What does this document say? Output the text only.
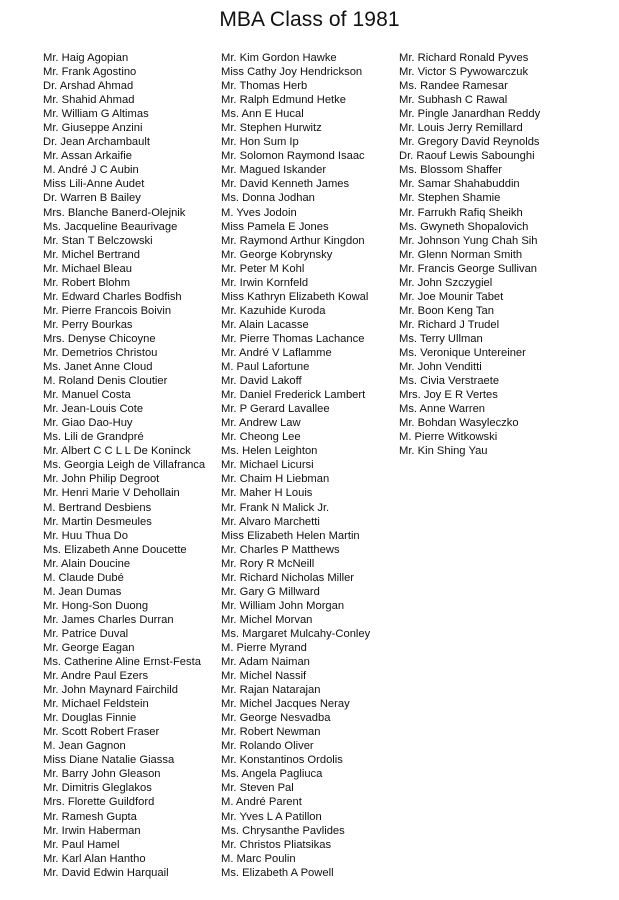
MBA Class of 1981
Mr. Haig Agopian
Mr. Frank Agostino
Dr. Arshad Ahmad
Mr. Shahid Ahmad
Mr. William G Altimas
Mr. Giuseppe Anzini
Dr. Jean Archambault
Mr. Assan Arkaifie
M. André J C Aubin
Miss Lili-Anne Audet
Dr. Warren B Bailey
Mrs. Blanche Banerd-Olejnik
Ms. Jacqueline Beaurivage
Mr. Stan T Belczowski
Mr. Michel Bertrand
Mr. Michael Bleau
Mr. Robert Blohm
Mr. Edward Charles Bodfish
Mr. Pierre Francois Boivin
Mr. Perry Bourkas
Mrs. Denyse Chicoyne
Mr. Demetrios Christou
Ms. Janet Anne Cloud
M. Roland Denis Cloutier
Mr. Manuel Costa
Mr. Jean-Louis Cote
Mr. Giao Dao-Huy
Ms. Lili de Grandpré
Mr. Albert C C L L De Koninck
Ms. Georgia Leigh de Villafranca
Mr. John Philip Degroot
Mr. Henri Marie V Dehollain
M. Bertrand Desbiens
Mr. Martin Desmeules
Mr. Huu Thua Do
Ms. Elizabeth Anne Doucette
Mr. Alain Doucine
M. Claude Dubé
M. Jean Dumas
Mr. Hong-Son Duong
Mr. James Charles Durran
Mr. Patrice Duval
Mr. George Eagan
Ms. Catherine Aline Ernst-Festa
Mr. Andre Paul Ezers
Mr. John Maynard Fairchild
Mr. Michael Feldstein
Mr. Douglas Finnie
Mr. Scott Robert Fraser
M. Jean Gagnon
Miss Diane Natalie Giassa
Mr. Barry John Gleason
Mr. Dimitris Gleglakos
Mrs. Florette Guildford
Mr. Ramesh Gupta
Mr. Irwin Haberman
Mr. Paul Hamel
Mr. Karl Alan Hantho
Mr. David Edwin Harquail
Mr. Kim Gordon Hawke
Miss Cathy Joy Hendrickson
Mr. Thomas Herb
Mr. Ralph Edmund Hetke
Ms. Ann E Hucal
Mr. Stephen Hurwitz
Mr. Hon Sum Ip
Mr. Solomon Raymond Isaac
Mr. Magued Iskander
Mr. David Kenneth James
Ms. Donna Jodhan
M. Yves Jodoin
Miss Pamela E Jones
Mr. Raymond Arthur Kingdon
Mr. George Kobrynsky
Mr. Peter M Kohl
Mr. Irwin Kornfeld
Miss Kathryn Elizabeth Kowal
Mr. Kazuhide Kuroda
Mr. Alain Lacasse
Mr. Pierre Thomas Lachance
Mr. André V Laflamme
M. Paul Lafortune
Mr. David Lakoff
Mr. Daniel Frederick Lambert
Mr. P Gerard Lavallee
Mr. Andrew Law
Mr. Cheong Lee
Ms. Helen Leighton
Mr. Michael Licursi
Mr. Chaim H Liebman
Mr. Maher H Louis
Mr. Frank N Malick Jr.
Mr. Alvaro Marchetti
Miss Elizabeth Helen Martin
Mr. Charles P Matthews
Mr. Rory R McNeill
Mr. Richard Nicholas Miller
Mr. Gary G Millward
Mr. William John Morgan
Mr. Michel Morvan
Ms. Margaret Mulcahy-Conley
M. Pierre Myrand
Mr. Adam Naiman
Mr. Michel Nassif
Mr. Rajan Natarajan
Mr. Michel Jacques Neray
Mr. George Nesvadba
Mr. Robert Newman
Mr. Rolando Oliver
Mr. Konstantinos Ordolis
Ms. Angela Pagliuca
Mr. Steven Pal
M. André Parent
Mr. Yves L A Patillon
Ms. Chrysanthe Pavlides
Mr. Christos Pliatsikas
M. Marc Poulin
Ms. Elizabeth A Powell
Mr. Richard Ronald Pyves
Mr. Victor S Pywowarczuk
Ms. Randee Ramesar
Mr. Subhash C Rawal
Mr. Pingle Janardhan Reddy
Mr. Louis Jerry Remillard
Mr. Gregory David Reynolds
Dr. Raouf Lewis Sabounghi
Ms. Blossom Shaffer
Mr. Samar Shahabuddin
Mr. Stephen Shamie
Mr. Farrukh Rafiq Sheikh
Ms. Gwyneth Shopalovich
Mr. Johnson Yung Chah Sih
Mr. Glenn Norman Smith
Mr. Francis George Sullivan
Mr. John Szczygiel
Mr. Joe Mounir Tabet
Mr. Boon Keng Tan
Mr. Richard J Trudel
Ms. Terry Ullman
Ms. Veronique Untereiner
Mr. John Venditti
Ms. Civia Verstraete
Mrs. Joy E R Vertes
Ms. Anne Warren
Mr. Bohdan Wasyleczko
M. Pierre Witkowski
Mr. Kin Shing Yau
